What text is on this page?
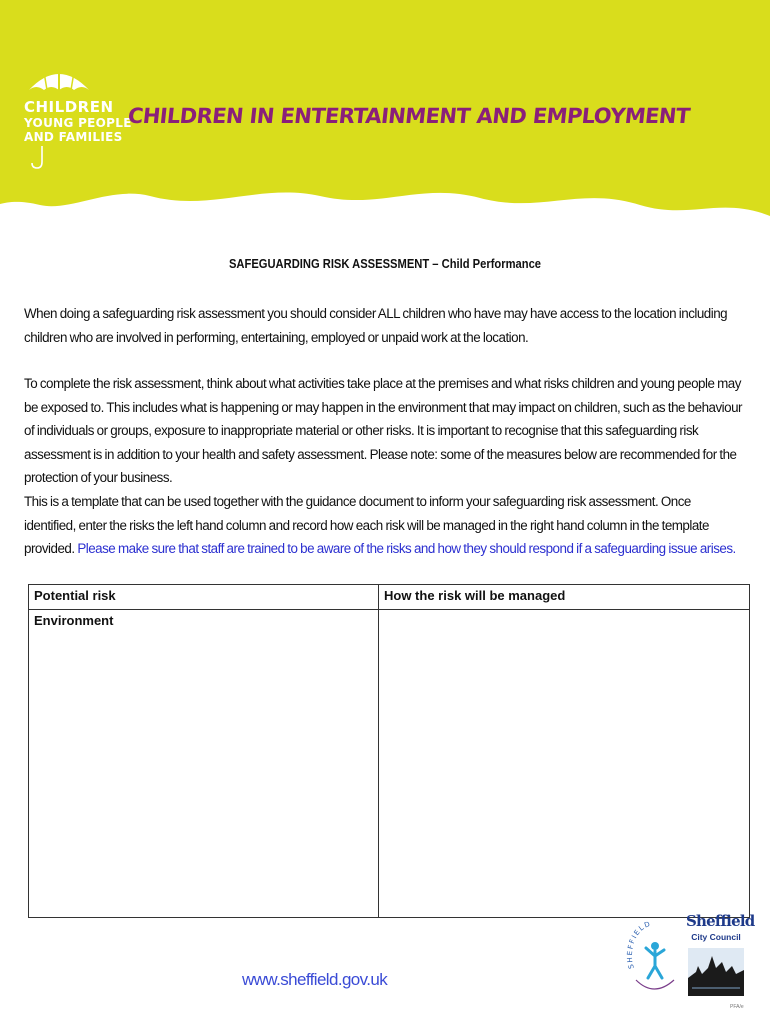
CHILDREN
YOUNG PEOPLE
AND FAMILIES
CHILDREN IN ENTERTAINMENT AND EMPLOYMENT
SAFEGUARDING RISK ASSESSMENT – Child Performance
When doing a safeguarding risk assessment you should consider ALL children who have may have access to the location including children who are involved in performing, entertaining, employed or unpaid work at the location.
To complete the risk assessment, think about what activities take place at the premises and what risks children and young people may be exposed to. This includes what is happening or may happen in the environment that may impact on children, such as the behaviour of individuals or groups, exposure to inappropriate material or other risks. It is important to recognise that this safeguarding risk assessment is in addition to your health and safety assessment. Please note: some of the measures below are recommended for the protection of your business.
This is a template that can be used together with the guidance document to inform your safeguarding risk assessment. Once identified, enter the risks the left hand column and record how each risk will be managed in the right hand column in the template provided. Please make sure that staff are trained to be aware of the risks and how they should respond if a safeguarding issue arises.
Potential risk	How the risk will be managed
Environment	
www.sheffield.gov.uk
SHEFFIELD Sheffield
City Council
PFA/e
